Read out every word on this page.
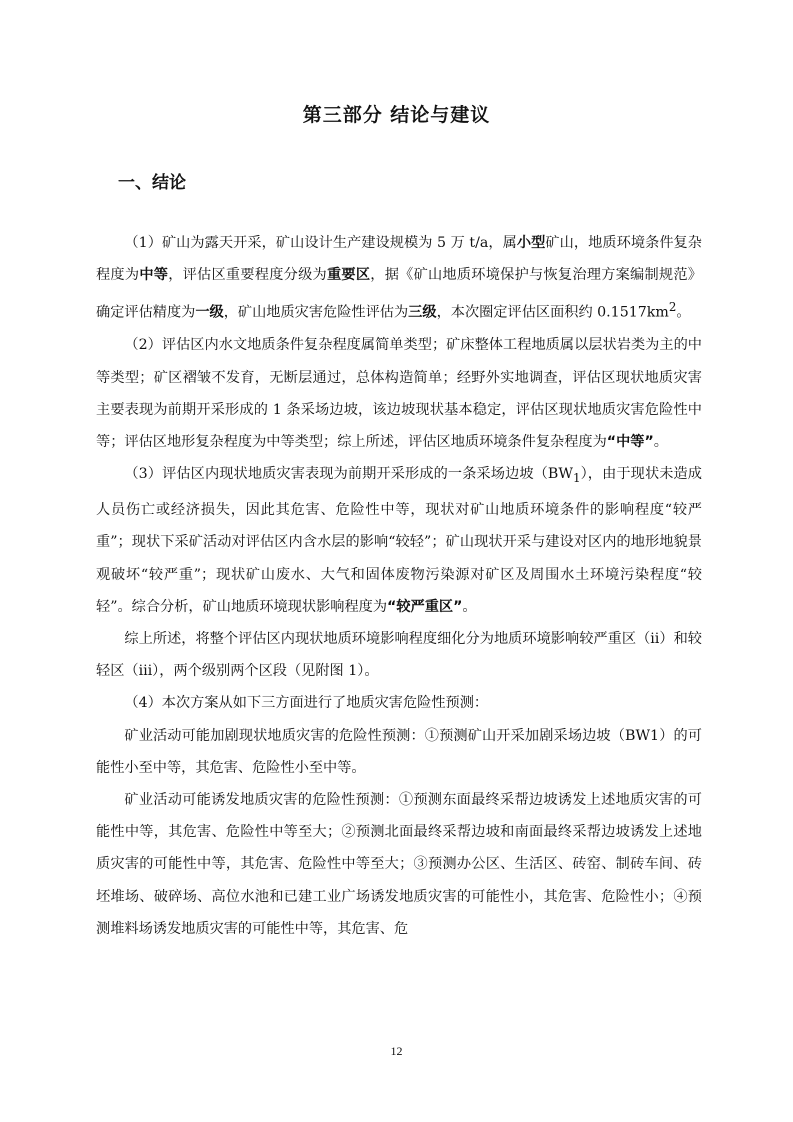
第三部分 结论与建议
一、结论

（1）矿山为露天开采，矿山设计生产建设规模为 5 万 t/a，属小型矿山，地质环境条件复杂程度为中等，评估区重要程度分级为重要区，据《矿山地质环境保护与恢复治理方案编制规范》确定评估精度为一级，矿山地质灾害危险性评估为三级，本次圈定评估区面积约 $0.1517km^2$。

（2）评估区内水文地质条件复杂程度属简单类型；矿床整体工程地质属以层状岩类为主的中等类型；矿区褶皱不发育，无断层通过，总体构造简单；经野外实地调查，评估区现状地质灾害主要表现为前期开采形成的 1 条采场边坡，该边坡现状基本稳定，评估区现状地质灾害危险性中等；评估区地形复杂程度为中等类型；综上所述，评估区地质环境条件复杂程度为“中等”。

（3）评估区内现状地质灾害表现为前期开采形成的一条采场边坡$(BW_1)$，由于现状未造成人员伤亡或经济损失，因此其危害、危险性中等，现状对矿山地质环境条件的影响程度“较严重”；现状下采矿活动对评估区内含水层的影响“较轻”；矿山现状开采与建设对区内的地形地貌景观破坏“较严重”；现状矿山废水、大气和固体废物污染源对矿区及周围水土环境污染程度“较轻”。综合分析，矿山地质环境现状影响程度为“较严重区”。

综上所述，将整个评估区内现状地质环境影响程度细化分为地质环境影响较严重区（ⅱ）和较轻区（ⅲ），两个级别两个区段（见附图 1）。

（4）本次方案从如下三方面进行了地质灾害危险性预测：

矿业活动可能加剧现状地质灾害的危险性预测：①预测矿山开采加剧采场边坡（BW1）的可能性小至中等，其危害、危险性小至中等。

矿业活动可能诱发地质灾害的危险性预测：①预测东面最终采帮边坡诱发上述地质灾害的可能性中等，其危害、危险性中等至大；②预测北面最终采帮边坡和南面最终采帮边坡诱发上述地质灾害的可能性中等，其危害、危险性中等至大；③预测办公区、生活区、砖窑、制砖车间、砖坯堆场、破碎场、高位水池和已建工业广场诱发地质灾害的可能性小，其危害、危险性小；④预测堆料场诱发地质灾害的可能性中等，其危害、危

12
